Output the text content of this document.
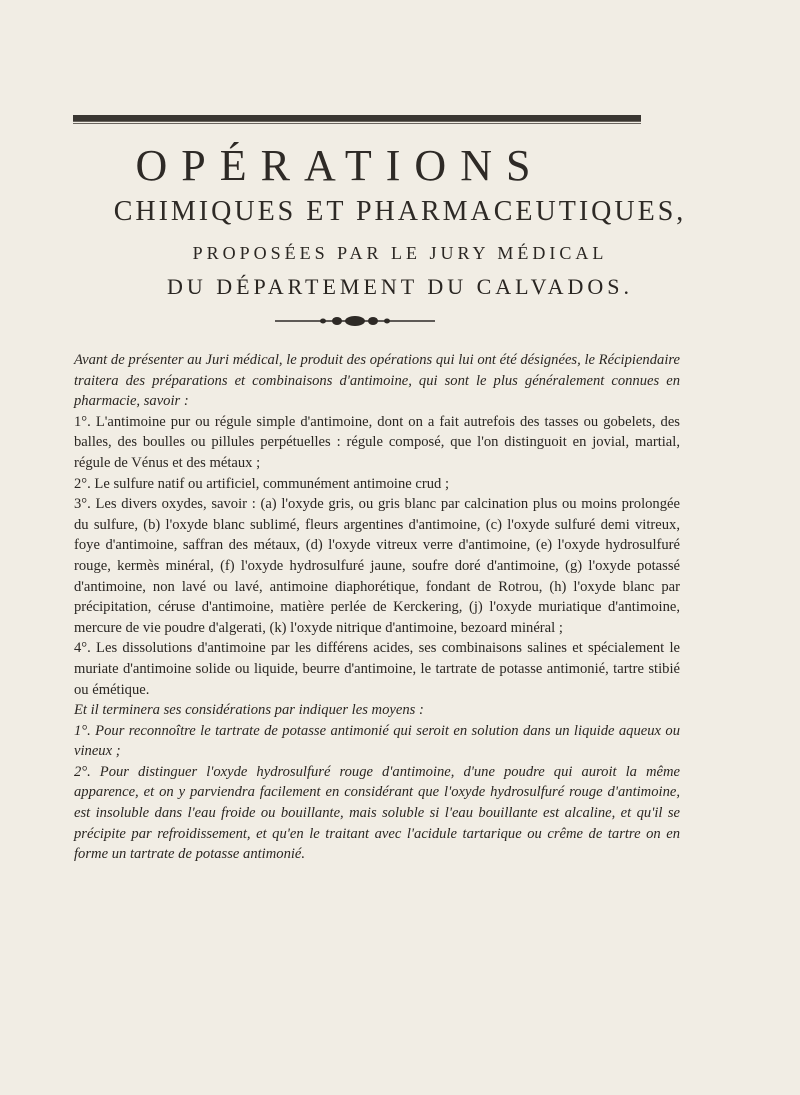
OPÉRATIONS
CHIMIQUES ET PHARMACEUTIQUES,
PROPOSÉES PAR LE JURY MÉDICAL
DU DÉPARTEMENT DU CALVADOS.

Avant de présenter au Juri médical, le produit des opérations qui lui ont été désignées, le Récipiendaire traitera des préparations et combinaisons d'antimoine, qui sont le plus généralement connues en pharmacie, savoir :

1°. L'antimoine pur ou régule simple d'antimoine, dont on a fait autrefois des tasses ou gobelets, des balles, des boulles ou pillules perpétuelles : régule composé, que l'on distinguoit en jovial, martial, régule de Vénus et des métaux ;

2°. Le sulfure natif ou artificiel, communément antimoine crud ;

3°. Les divers oxydes, savoir : (a) l'oxyde gris, ou gris blanc par calcination plus ou moins prolongée du sulfure, (b) l'oxyde blanc sublimé, fleurs argentines d'antimoine, (c) l'oxyde sulfuré demi vitreux, foye d'antimoine, saffran des métaux, (d) l'oxyde vitreux verre d'antimoine, (e) l'oxyde hydrosulfuré rouge, kermès minéral, (f) l'oxyde hydrosulfuré jaune, soufre doré d'antimoine, (g) l'oxyde potassé d'antimoine, non lavé ou lavé, antimoine diaphorétique, fondant de Rotrou, (h) l'oxyde blanc par précipitation, céruse d'antimoine, matière perlée de Kerckering, (j) l'oxyde muriatique d'antimoine, mercure de vie poudre d'algerati, (k) l'oxyde nitrique d'antimoine, bezoard minéral ;

4°. Les dissolutions d'antimoine par les différens acides, ses combinaisons salines et spécialement le muriate d'antimoine solide ou liquide, beurre d'antimoine, le tartrate de potasse antimonié, tartre stibié ou émétique.

Et il terminera ses considérations par indiquer les moyens :

1°. Pour reconnoître le tartrate de potasse antimonié qui seroit en solution dans un liquide aqueux ou vineux ;

2°. Pour distinguer l'oxyde hydrosulfuré rouge d'antimoine, d'une poudre qui auroit la même apparence, et on y parviendra facilement en considérant que l'oxyde hydrosulfuré rouge d'antimoine, est insoluble dans l'eau froide ou bouillante, mais soluble si l'eau bouillante est alcaline, et qu'il se précipite par refroidissement, et qu'en le traitant avec l'acidule tartarique ou crême de tartre on en forme un tartrate de potasse antimonié.
